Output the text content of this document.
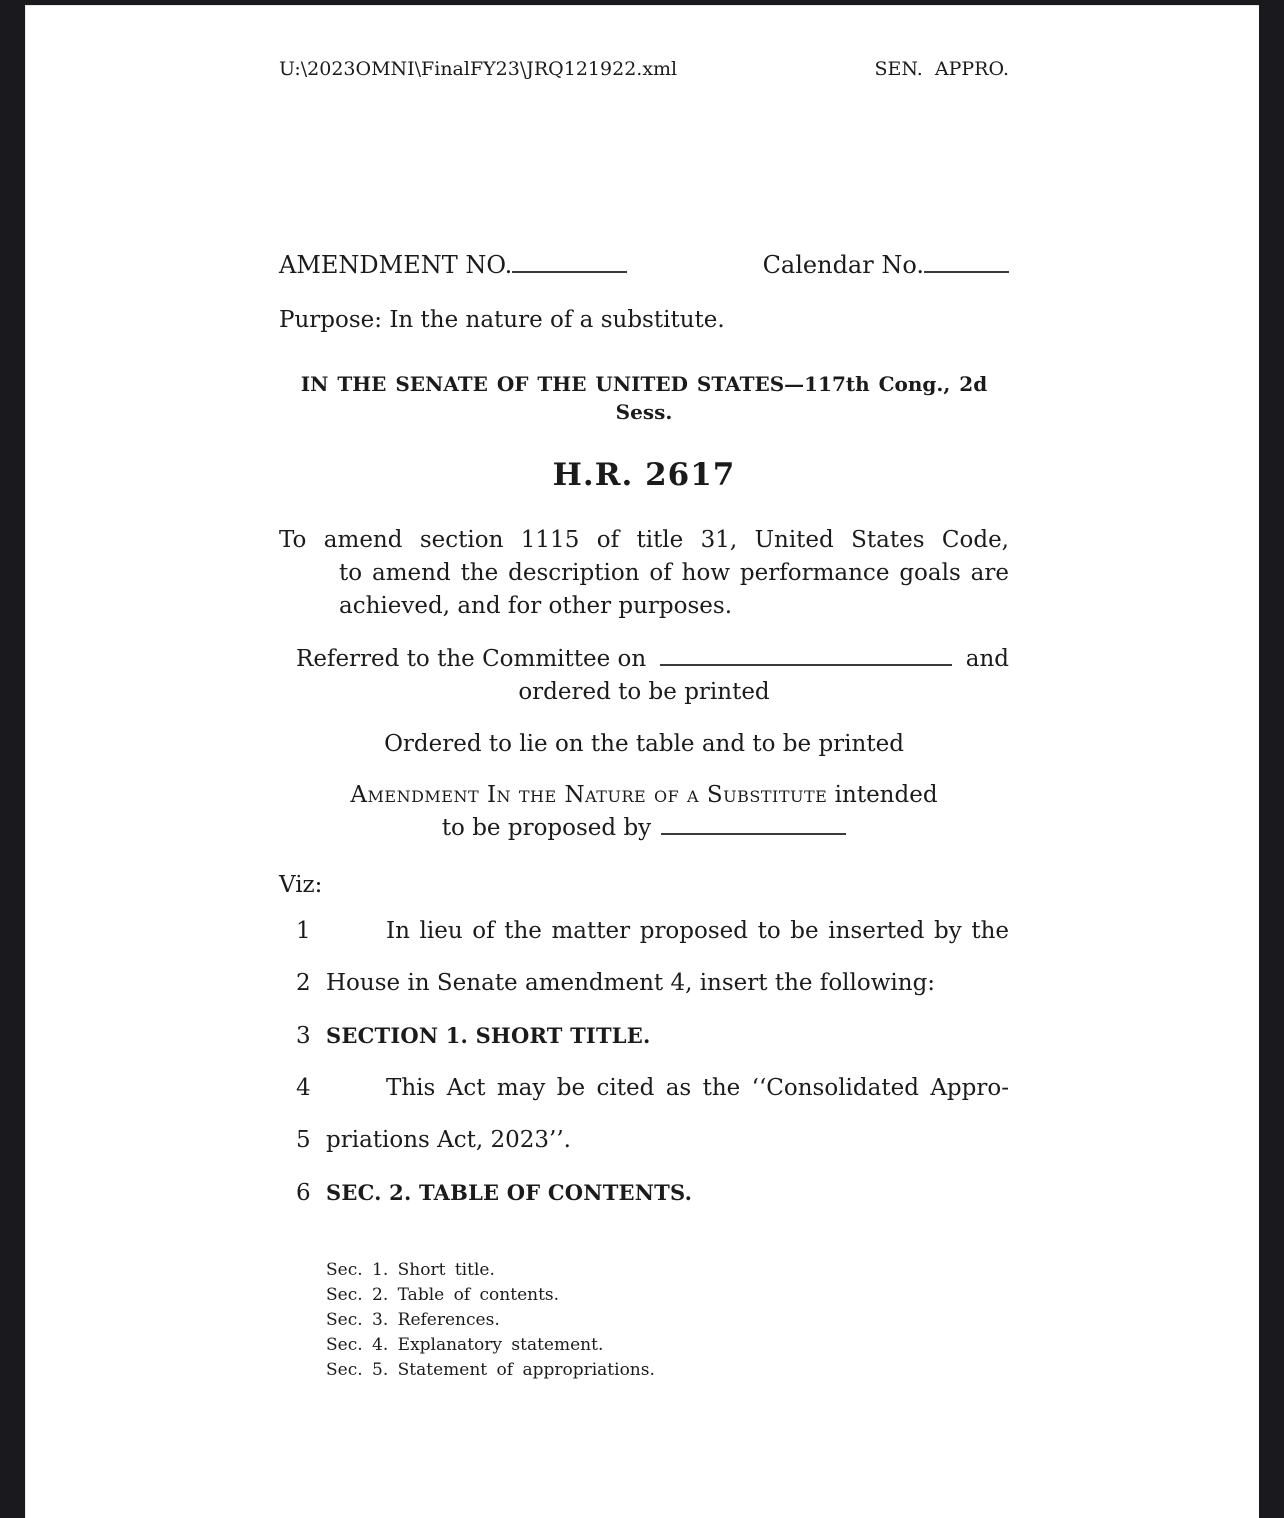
U:\2023OMNI\FinalFY23\JRQ121922.xml	SEN. APPRO.
AMENDMENT NO.	Calendar No.
Purpose: In the nature of a substitute.
IN THE SENATE OF THE UNITED STATES—117th Cong., 2d Sess.
H.R. 2617
To amend section 1115 of title 31, United States Code,
to amend the description of how performance goals are
achieved, and for other purposes.
Referred to the Committee on	and
ordered to be printed
Ordered to lie on the table and to be printed
Amendment In the Nature of a Substitute intended
to be proposed by
Viz:
1	In lieu of the matter proposed to be inserted by the
2 House in Senate amendment 4, insert the following:
3 SECTION 1. SHORT TITLE.
4	This Act may be cited as the ‘‘Consolidated Appro-
5 priations Act, 2023’’.
6 SEC. 2. TABLE OF CONTENTS.
Sec. 1. Short title.
Sec. 2. Table of contents.
Sec. 3. References.
Sec. 4. Explanatory statement.
Sec. 5. Statement of appropriations.
